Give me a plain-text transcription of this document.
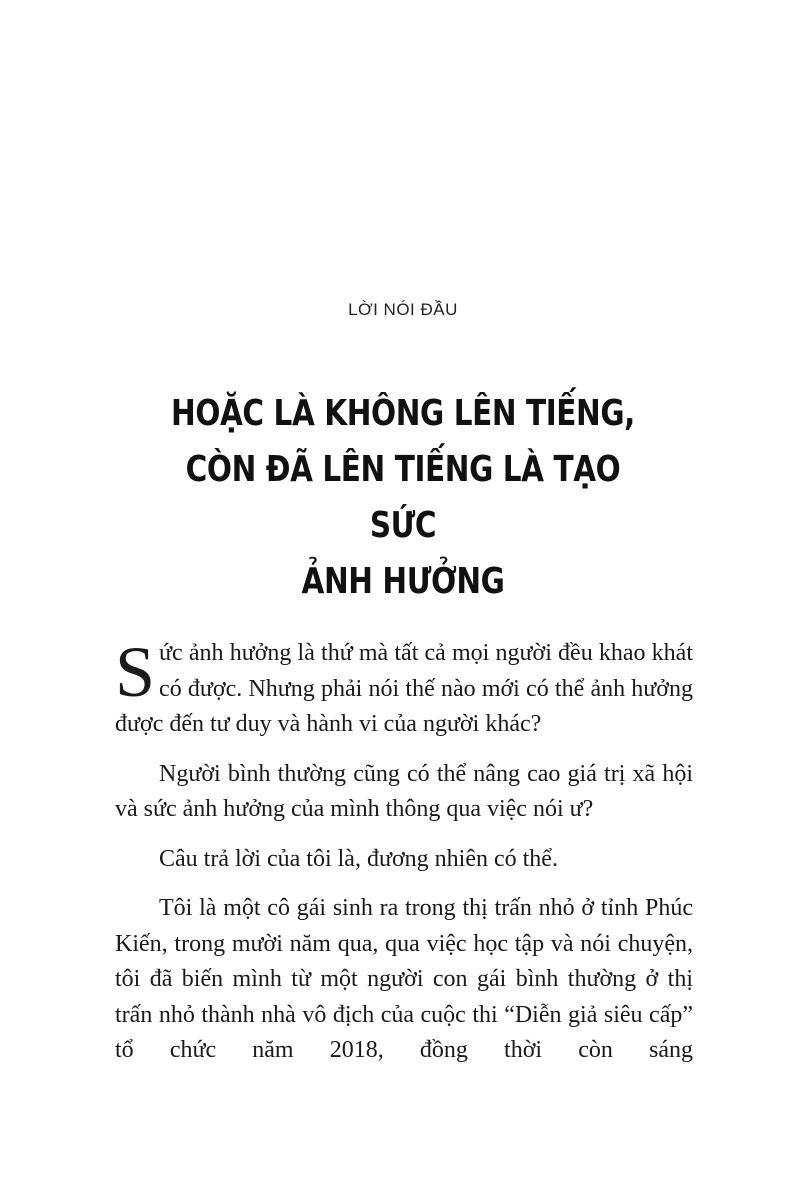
LỜI NÓI ĐẦU
HOẶC LÀ KHÔNG LÊN TIẾNG,
CÒN ĐÃ LÊN TIẾNG LÀ TẠO SỨC
ẢNH HƯỞNG

Sức ảnh hưởng là thứ mà tất cả mọi người đều khao khát có được. Nhưng phải nói thế nào mới có thể ảnh hưởng được đến tư duy và hành vi của người khác?

Người bình thường cũng có thể nâng cao giá trị xã hội và sức ảnh hưởng của mình thông qua việc nói ư?

Câu trả lời của tôi là, đương nhiên có thể.

Tôi là một cô gái sinh ra trong thị trấn nhỏ ở tỉnh Phúc Kiến, trong mười năm qua, qua việc học tập và nói chuyện, tôi đã biến mình từ một người con gái bình thường ở thị trấn nhỏ thành nhà vô địch của cuộc thi “Diễn giả siêu cấp” tổ chức năm 2018, đồng thời còn sáng
